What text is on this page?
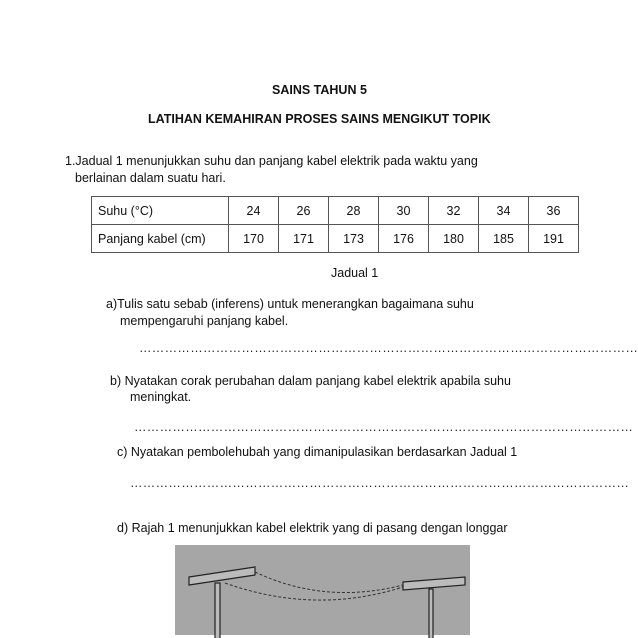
SAINS TAHUN 5
LATIHAN KEMAHIRAN PROSES SAINS MENGIKUT TOPIK
1.Jadual 1 menunjukkan suhu dan panjang kabel elektrik pada waktu yang
berlainan dalam suatu hari.
Suhu (°C)	24	26	28	30	32	34	36
Panjang kabel (cm)	170	171	173	176	180	185	191
Jadual 1
a)Tulis satu sebab (inferens) untuk menerangkan bagaimana suhu
mempengaruhi panjang kabel.
………………………………………………………………………………………………………
b) Nyatakan corak perubahan dalam panjang kabel elektrik apabila suhu
meningkat.
………………………………………………………………………………………………………
c) Nyatakan pembolehubah yang dimanipulasikan berdasarkan Jadual 1
………………………………………………………………………………………………………
d) Rajah 1 menunjukkan kabel elektrik yang di pasang dengan longgar
